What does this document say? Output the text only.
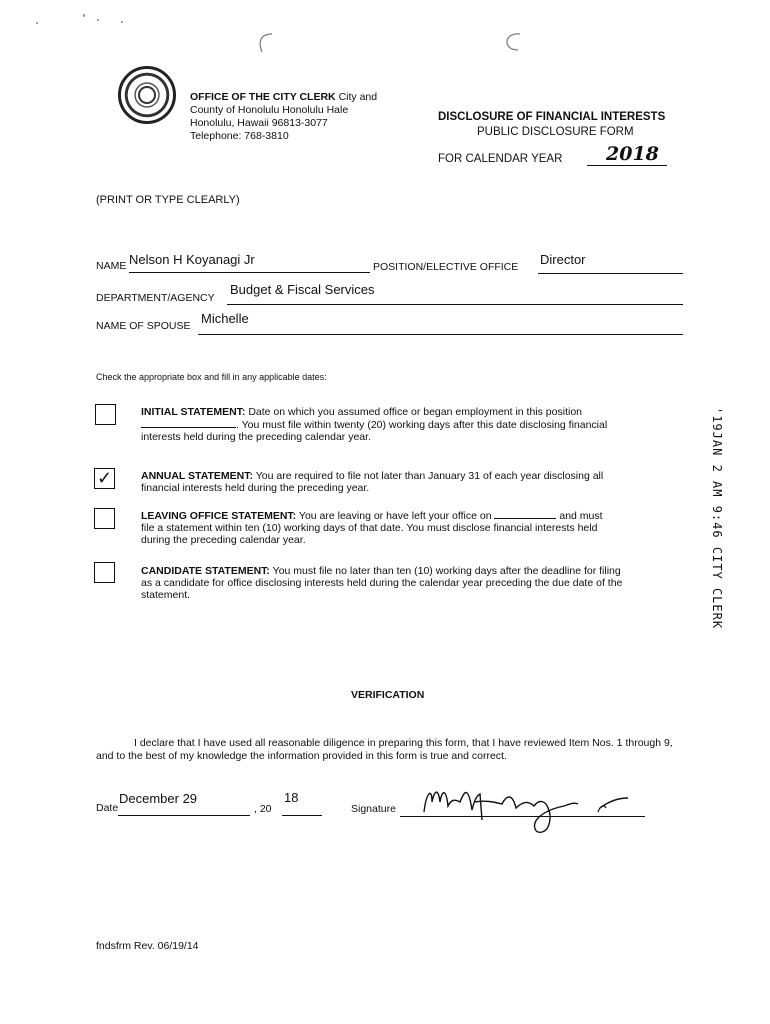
OFFICE OF THE CITY CLERK City and
County of Honolulu Honolulu Hale
Honolulu, Hawaii 96813-3077
Telephone: 768-3810
DISCLOSURE OF FINANCIAL INTERESTS
PUBLIC DISCLOSURE FORM
FOR CALENDAR YEAR 2018
(PRINT OR TYPE CLEARLY)
NAME Nelson H Koyanagi Jr	POSITION/ELECTIVE OFFICE Director
DEPARTMENT/AGENCY
Budget & Fiscal Services
NAME OF SPOUSE Michelle
Check the appropriate box and fill in any applicable dates:
INITIAL STATEMENT: Date on which you assumed office or began employment in this position
. You must file within twenty (20) working days after this date disclosing financial
interests held during the preceding calendar year.
✓	ANNUAL STATEMENT: You are required to file not later than January 31 of each year disclosing all
financial interests held during the preceding year.
LEAVING OFFICE STATEMENT: You are leaving or have left your office on	and must
file a statement within ten (10) working days of that date. You must disclose financial interests held
during the preceding calendar year.
CANDIDATE STATEMENT: You must file no later than ten (10) working days after the deadline for filing
as a candidate for office disclosing interests held during the calendar year preceding the due date of the
statement.	'19JAN 2 AM 9:46 CITY CLERK
VERIFICATION
I declare that I have used all reasonable diligence in preparing this form, that I have reviewed Item Nos. 1 through 9, and to the best of my knowledge the information provided in this form is true and correct.
Date
December 29
, 20
18
Signature
fndsfrm Rev. 06/19/14
